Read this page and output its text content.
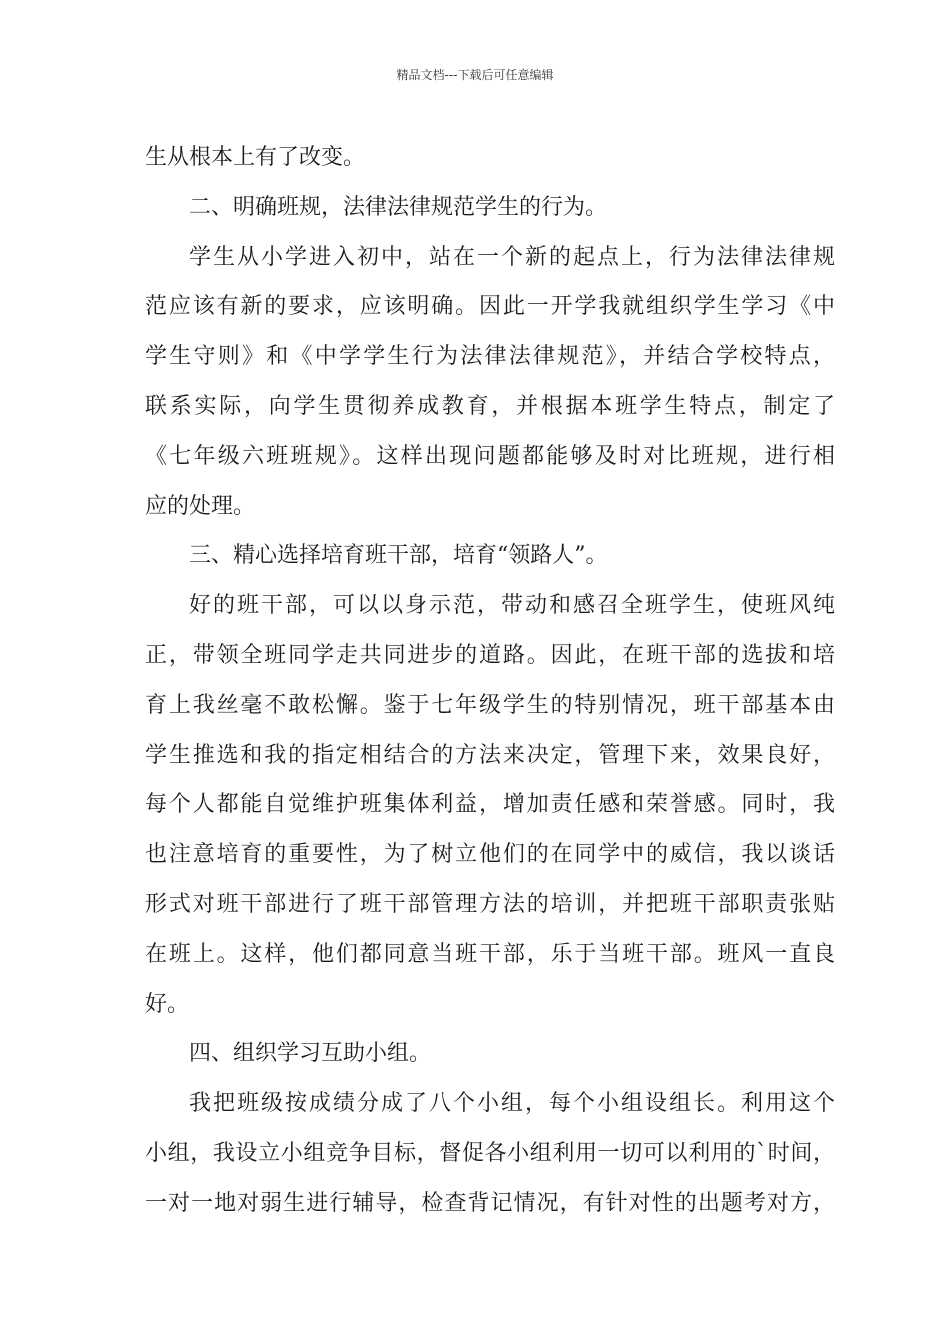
精品文档---下载后可任意编辑
生从根本上有了改变。
二、明确班规，法律法律规范学生的行为。
学生从小学进入初中，站在一个新的起点上，行为法律法律规
范应该有新的要求，应该明确。因此一开学我就组织学生学习《中
学生守则》和《中学学生行为法律法律规范》，并结合学校特点，
联系实际，向学生贯彻养成教育，并根据本班学生特点，制定了
《七年级六班班规》。这样出现问题都能够及时对比班规，进行相
应的处理。
三、精心选择培育班干部，培育“领路人”。
好的班干部，可以以身示范，带动和感召全班学生，使班风纯
正，带领全班同学走共同进步的道路。因此，在班干部的选拔和培
育上我丝毫不敢松懈。鉴于七年级学生的特别情况，班干部基本由
学生推选和我的指定相结合的方法来决定，管理下来，效果良好，
每个人都能自觉维护班集体利益，增加责任感和荣誉感。同时，我
也注意培育的重要性，为了树立他们的在同学中的威信，我以谈话
形式对班干部进行了班干部管理方法的培训，并把班干部职责张贴
在班上。这样，他们都同意当班干部，乐于当班干部。班风一直良
好。
四、组织学习互助小组。
我把班级按成绩分成了八个小组，每个小组设组长。利用这个
小组，我设立小组竞争目标，督促各小组利用一切可以利用的`时间，
一对一地对弱生进行辅导，检查背记情况，有针对性的出题考对方，
